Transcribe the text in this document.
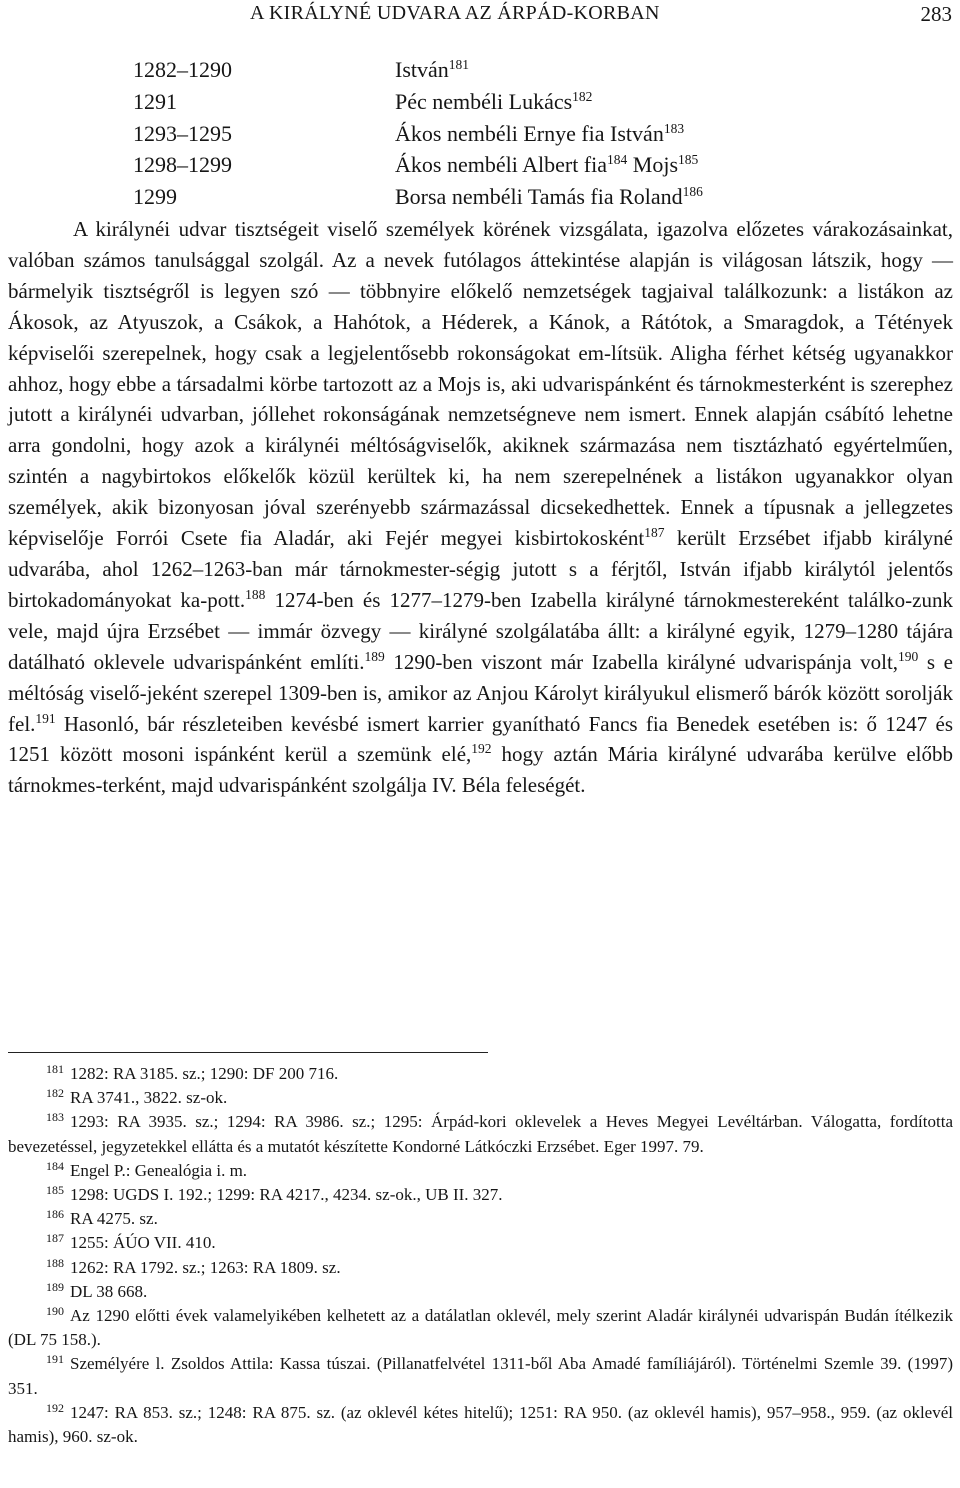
A KIRÁLYNÉ UDVARA AZ ÁRPÁD-KORBAN	283
1282–1290	István$^{181}$
1291	Péc nembéli Lukács$^{182}$
1293–1295	Ákos nembéli Ernye fia István$^{183}$
1298–1299	Ákos nembéli Albert fia$^{184}$ Mojs$^{185}$
1299	Borsa nembéli Tamás fia Roland$^{186}$

A királynéi udvar tisztségeit viselő személyek körének vizsgálata, igazolva előzetes várakozásainkat, valóban számos tanulsággal szolgál. Az a nevek futólagos áttekintése alapján is világosan látszik, hogy — bármelyik tisztségről is legyen szó — többnyire előkelő nemzetségek tagjaival találkozunk: a listákon az Ákosok, az Atyuszok, a Csákok, a Hahótok, a Héderek, a Kánok, a Rátótok, a Smaragdok, a Tétények képviselői szerepelnek, hogy csak a legjelentősebb rokonságokat em-lítsük. Aligha férhet kétség ugyanakkor ahhoz, hogy ebbe a társadalmi körbe tartozott az a Mojs is, aki udvarispánként és tárnokmesterként is szerephez jutott a királynéi udvarban, jóllehet rokonságának nemzetségneve nem ismert. Ennek alapján csábító lehetne arra gondolni, hogy azok a királynéi méltóságviselők, akiknek származása nem tisztázható egyértelműen, szintén a nagybirtokos előkelők közül kerültek ki, ha nem szerepelnének a listákon ugyanakkor olyan személyek, akik bizonyosan jóval szerényebb származással dicsekedhettek. Ennek a típusnak a jellegzetes képviselője Forrói Csete fia Aladár, aki Fejér megyei kisbirtokosként$^{187}$ került Erzsébet ifjabb királyné udvarába, ahol 1262–1263-ban már tárnokmester-ségig jutott s a férjtől, István ifjabb királytól jelentős birtokadományokat ka-pott.$^{188}$ 1274-ben és 1277–1279-ben Izabella királyné tárnokmestereként találko-zunk vele, majd újra Erzsébet — immár özvegy — királyné szolgálatába állt: a királyné egyik, 1279–1280 tájára datálható oklevele udvarispánként említi.$^{189}$ 1290-ben viszont már Izabella királyné udvarispánja volt,$^{190}$ s e méltóság viselő-jeként szerepel 1309-ben is, amikor az Anjou Károlyt királyukul elismerő bárók között sorolják fel.$^{191}$ Hasonló, bár részleteiben kevésbé ismert karrier gyanítható Fancs fia Benedek esetében is: ő 1247 és 1251 között mosoni ispánként kerül a szemünk elé,$^{192}$ hogy aztán Mária királyné udvarába kerülve előbb tárnokmes-terként, majd udvarispánként szolgálja IV. Béla feleségét.

$^{181}$ 1282: RA 3185. sz.; 1290: DF 200 716.

$^{182}$ RA 3741., 3822. sz-ok.

$^{183}$ 1293: RA 3935. sz.; 1294: RA 3986. sz.; 1295: Árpád-kori oklevelek a Heves Megyei Levéltárban. Válogatta, fordította bevezetéssel, jegyzetekkel ellátta és a mutatót készítette Kondorné Látkóczki Erzsébet. Eger 1997. 79.

$^{184}$ Engel P.: Genealógia i. m.

$^{185}$ 1298: UGDS I. 192.; 1299: RA 4217., 4234. sz-ok., UB II. 327.

$^{186}$ RA 4275. sz.

$^{187}$ 1255: ÁÚO VII. 410.

$^{188}$ 1262: RA 1792. sz.; 1263: RA 1809. sz.

$^{189}$ DL 38 668.

$^{190}$ Az 1290 előtti évek valamelyikében kelhetett az a datálatlan oklevél, mely szerint Aladár királynéi udvarispán Budán ítélkezik (DL 75 158.).

$^{191}$ Személyére l. Zsoldos Attila: Kassa túszai. (Pillanatfelvétel 1311-ből Aba Amadé famíliájáról). Történelmi Szemle 39. (1997) 351.

$^{192}$ 1247: RA 853. sz.; 1248: RA 875. sz. (az oklevél kétes hitelű); 1251: RA 950. (az oklevél hamis), 957–958., 959. (az oklevél hamis), 960. sz-ok.
